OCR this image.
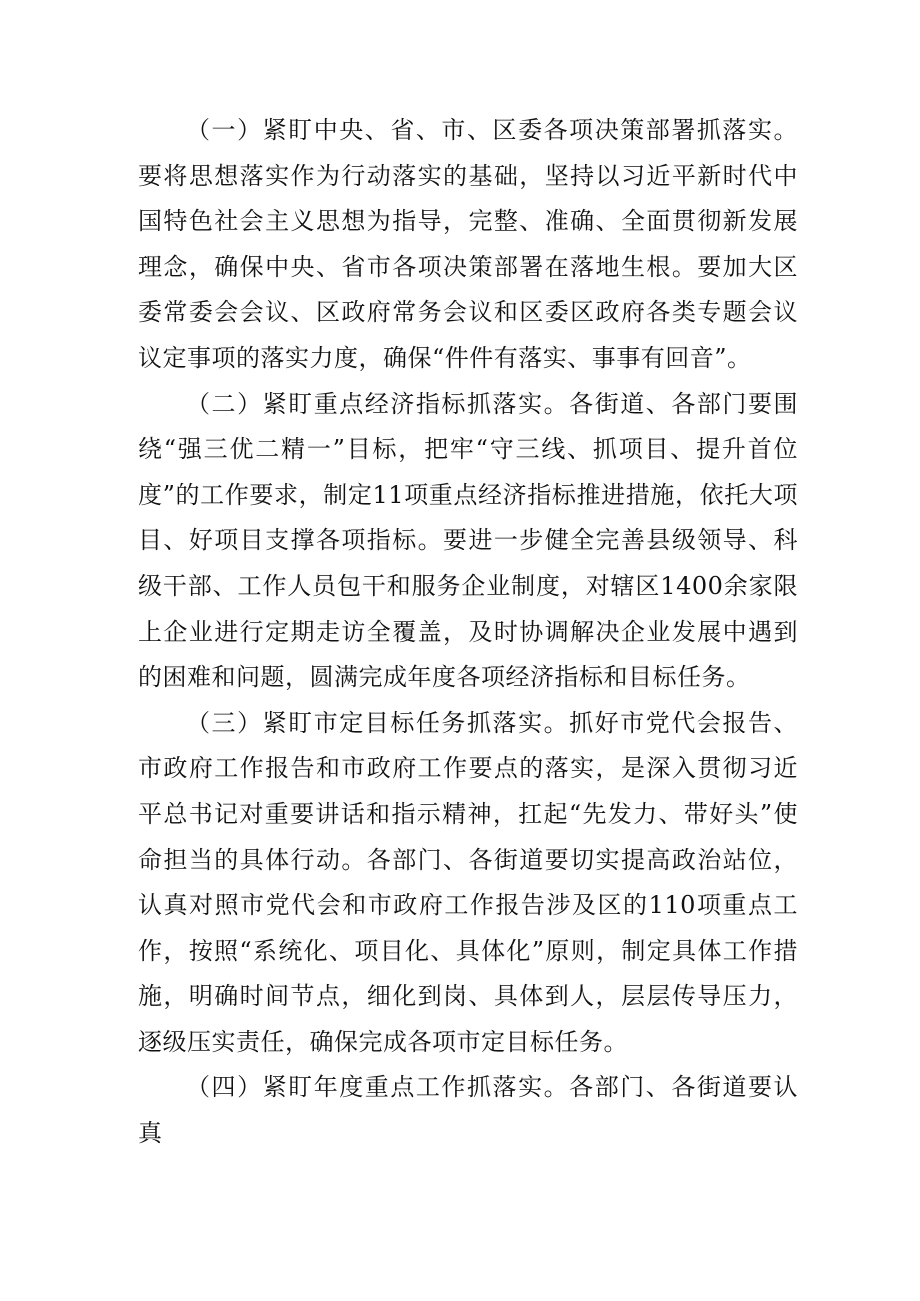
（一）紧盯中央、省、市、区委各项决策部署抓落实。要将思想落实作为行动落实的基础，坚持以习近平新时代中国特色社会主义思想为指导，完整、准确、全面贯彻新发展理念，确保中央、省市各项决策部署在落地生根。要加大区委常委会会议、区政府常务会议和区委区政府各类专题会议议定事项的落实力度，确保“件件有落实、事事有回音”。

（二）紧盯重点经济指标抓落实。各街道、各部门要围绕“强三优二精一”目标，把牢“守三线、抓项目、提升首位度”的工作要求，制定11项重点经济指标推进措施，依托大项目、好项目支撑各项指标。要进一步健全完善县级领导、科级干部、工作人员包干和服务企业制度，对辖区1400余家限上企业进行定期走访全覆盖，及时协调解决企业发展中遇到的困难和问题，圆满完成年度各项经济指标和目标任务。

（三）紧盯市定目标任务抓落实。抓好市党代会报告、市政府工作报告和市政府工作要点的落实，是深入贯彻习近平总书记对重要讲话和指示精神，扛起“先发力、带好头”使命担当的具体行动。各部门、各街道要切实提高政治站位，认真对照市党代会和市政府工作报告涉及区的110项重点工作，按照“系统化、项目化、具体化”原则，制定具体工作措施，明确时间节点，细化到岗、具体到人，层层传导压力，逐级压实责任，确保完成各项市定目标任务。

（四）紧盯年度重点工作抓落实。各部门、各街道要认真
